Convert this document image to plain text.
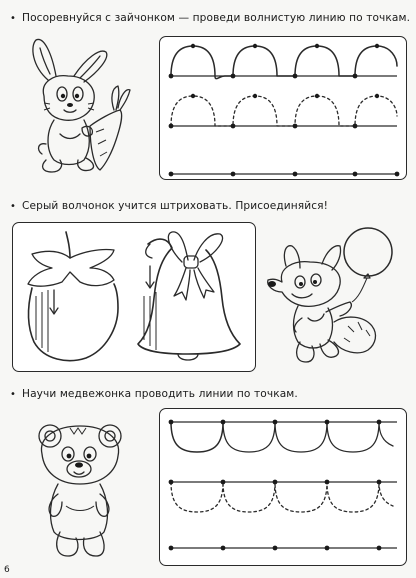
• Посоревнуйся с зайчонком — проведи волнистую линию по точкам.
• Серый волчонок учится штриховать. Присоединяйся!
• Научи медвежонка проводить линии по точкам.
6
